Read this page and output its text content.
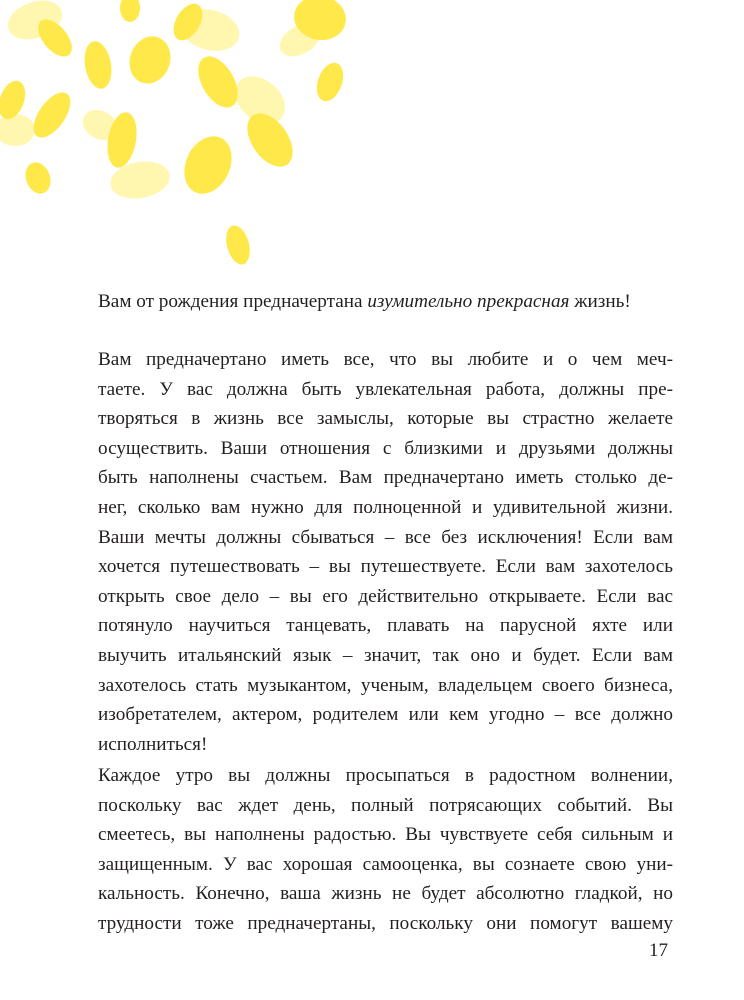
Вам от рождения предначертана изумительно прекрасная жизнь!
Вам предначертано иметь все, что вы любите и о чем меч-
таете. У вас должна быть увлекательная работа, должны пре-
творяться в жизнь все замыслы, которые вы страстно желаете
осуществить. Ваши отношения с близкими и друзьями должны
быть наполнены счастьем. Вам предначертано иметь столько де-
нег, сколько вам нужно для полноценной и удивительной жизни.
Ваши мечты должны сбываться – все без исключения! Если вам
хочется путешествовать – вы путешествуете. Если вам захотелось
открыть свое дело – вы его действительно открываете. Если вас
потянуло научиться танцевать, плавать на парусной яхте или
выучить итальянский язык – значит, так оно и будет. Если вам
захотелось стать музыкантом, ученым, владельцем своего бизнеса,
изобретателем, актером, родителем или кем угодно – все должно
исполниться!
Каждое утро вы должны просыпаться в радостном волнении,
поскольку вас ждет день, полный потрясающих событий. Вы
смеетесь, вы наполнены радостью. Вы чувствуете себя сильным и
защищенным. У вас хорошая самооценка, вы сознаете свою уни-
кальность. Конечно, ваша жизнь не будет абсолютно гладкой, но
трудности тоже предначертаны, поскольку они помогут вашему
17
